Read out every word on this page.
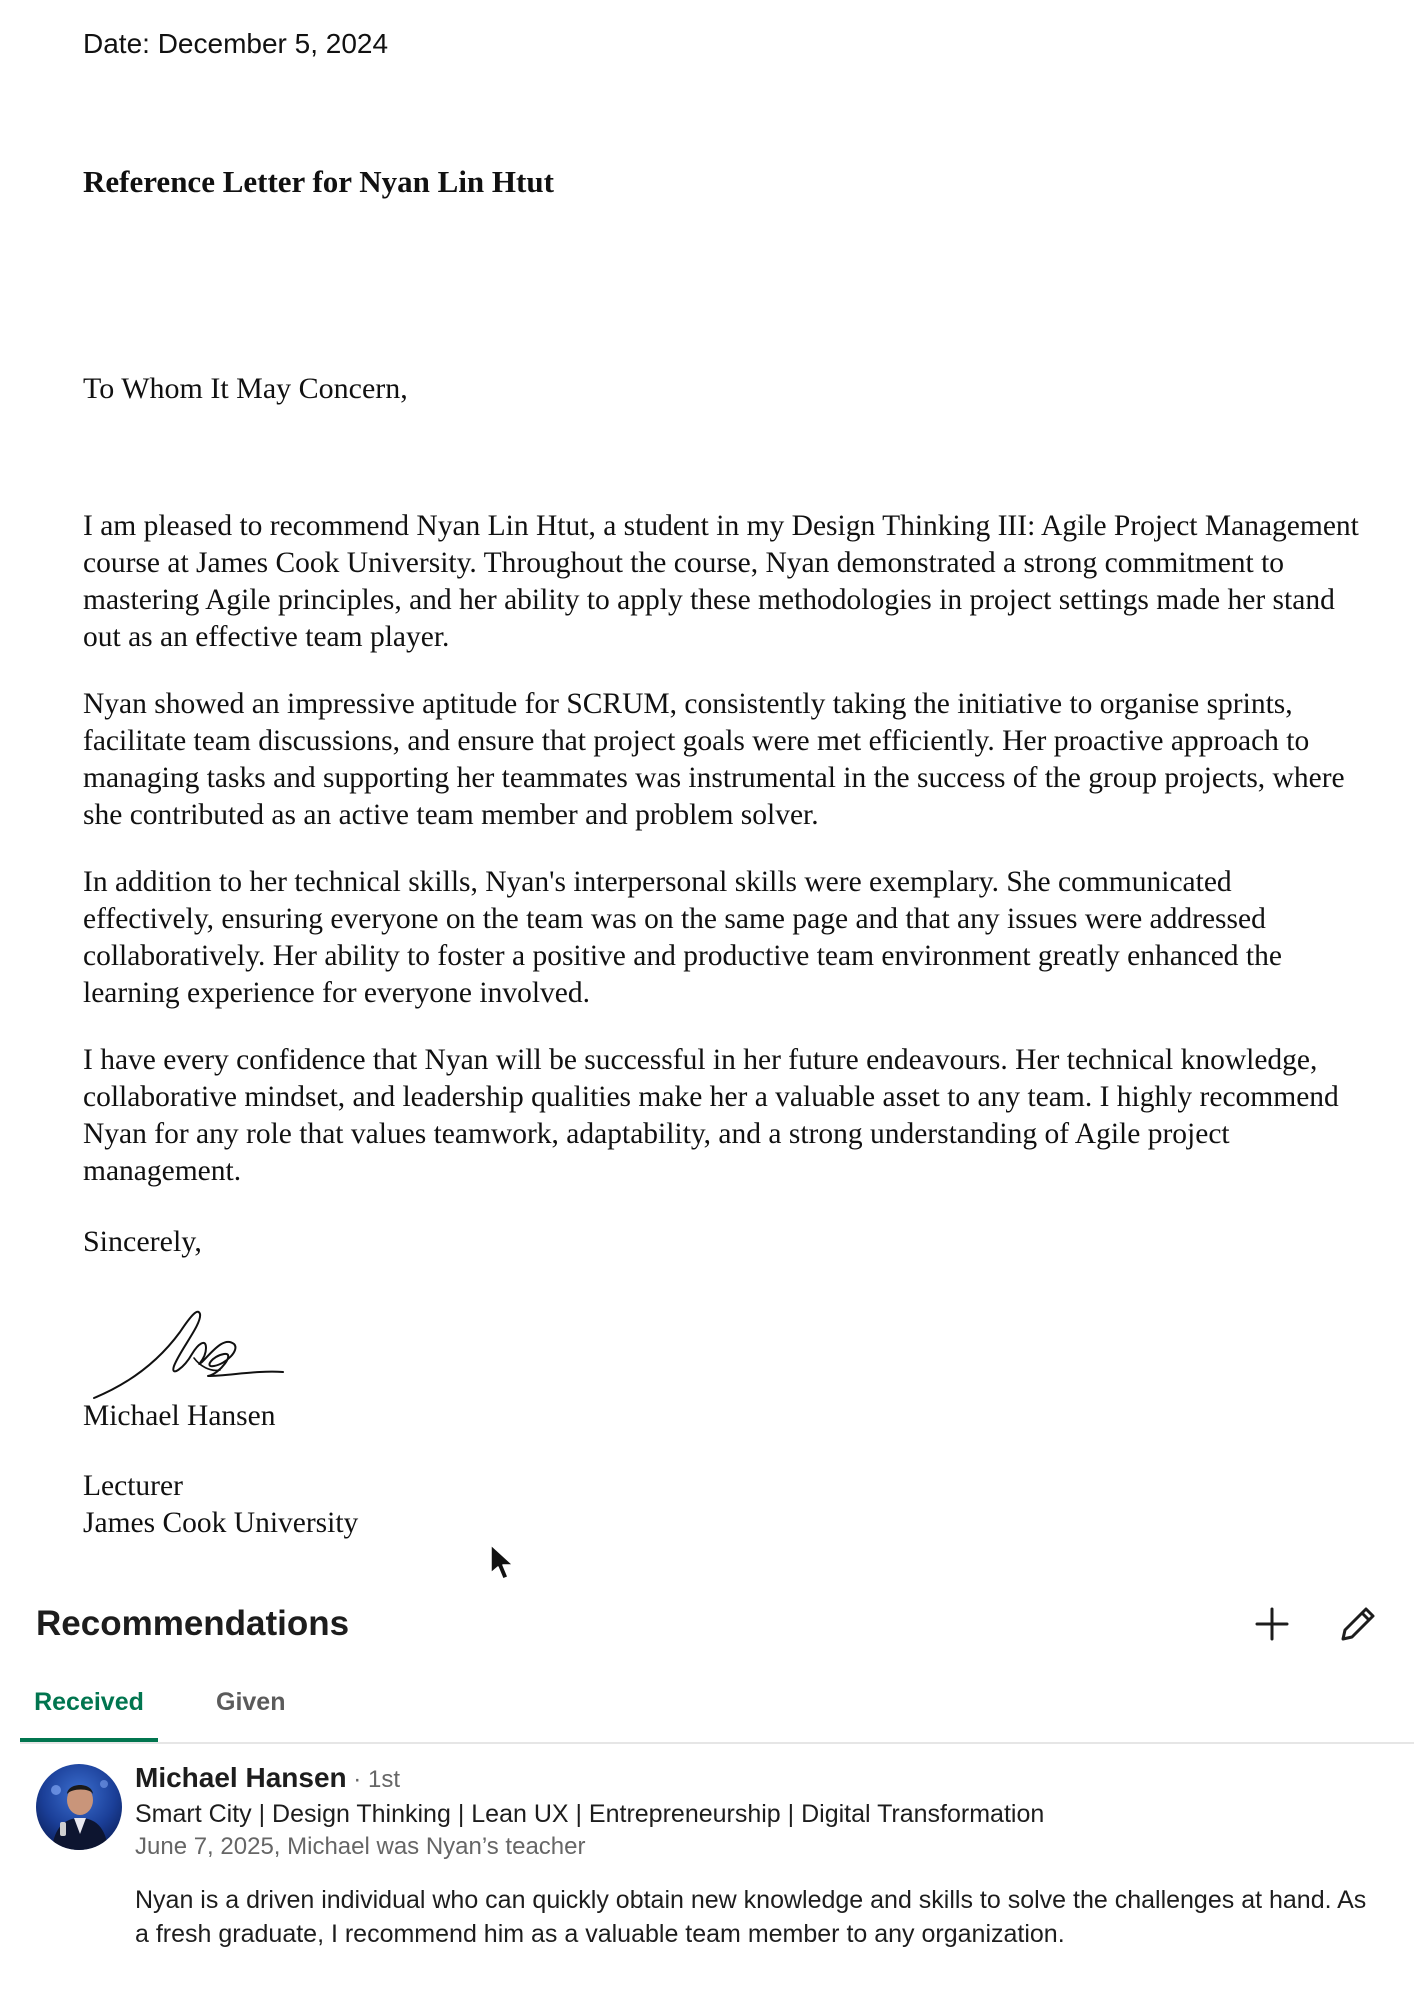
Date: December 5, 2024

Reference Letter for Nyan Lin Htut

To Whom It May Concern,

I am pleased to recommend Nyan Lin Htut, a student in my Design Thinking III: Agile Project Management course at James Cook University. Throughout the course, Nyan demonstrated a strong commitment to mastering Agile principles, and her ability to apply these methodologies in project settings made her stand out as an effective team player.

Nyan showed an impressive aptitude for SCRUM, consistently taking the initiative to organise sprints, facilitate team discussions, and ensure that project goals were met efficiently. Her proactive approach to managing tasks and supporting her teammates was instrumental in the success of the group projects, where she contributed as an active team member and problem solver.

In addition to her technical skills, Nyan's interpersonal skills were exemplary. She communicated effectively, ensuring everyone on the team was on the same page and that any issues were addressed collaboratively. Her ability to foster a positive and productive team environment greatly enhanced the learning experience for everyone involved.

I have every confidence that Nyan will be successful in her future endeavours. Her technical knowledge, collaborative mindset, and leadership qualities make her a valuable asset to any team. I highly recommend Nyan for any role that values teamwork, adaptability, and a strong understanding of Agile project management.

Sincerely,

Michael Hansen

Lecturer
James Cook University
Recommendations
Received	Given

Michael Hansen · 1st

Smart City | Design Thinking | Lean UX | Entrepreneurship | Digital Transformation

June 7, 2025, Michael was Nyan’s teacher

Nyan is a driven individual who can quickly obtain new knowledge and skills to solve the challenges at hand. As a fresh graduate, I recommend him as a valuable team member to any organization.
